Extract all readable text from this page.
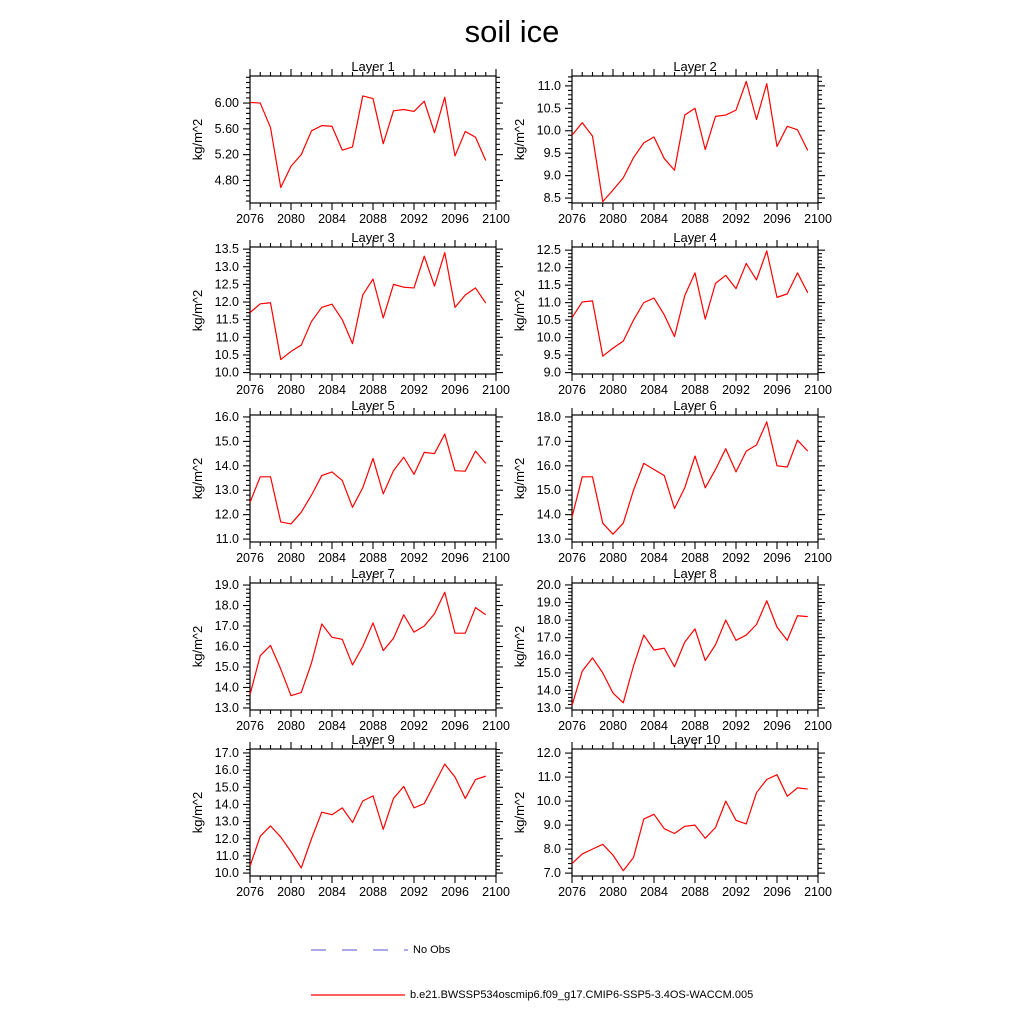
soil ice
Layer 1
2076 2080 2084 2088 2092 2096 2100
4.80
5.20
5.60
6.00
kg/m^2
Layer 2
2076 2080 2084 2088 2092 2096 2100
8.5
9.0
9.5
10.0
10.5
11.0
kg/m^2
Layer 3
2076 2080 2084 2088 2092 2096 2100
10.0
10.5
11.0
11.5
12.0
12.5
13.0
13.5
kg/m^2
Layer 4
2076 2080 2084 2088 2092 2096 2100
9.0
9.5
10.0
10.5
11.0
11.5
12.0
12.5
kg/m^2
Layer 5
2076 2080 2084 2088 2092 2096 2100
11.0
12.0
13.0
14.0
15.0
16.0
kg/m^2
Layer 6
2076 2080 2084 2088 2092 2096 2100
13.0
14.0
15.0
16.0
17.0
18.0
kg/m^2
Layer 7
2076 2080 2084 2088 2092 2096 2100
13.0
14.0
15.0
16.0
17.0
18.0
19.0
kg/m^2
Layer 8
2076 2080 2084 2088 2092 2096 2100
13.0
14.0
15.0
16.0
17.0
18.0
19.0
20.0
kg/m^2
Layer 9
2076 2080 2084 2088 2092 2096 2100
10.0
11.0
12.0
13.0
14.0
15.0
16.0
17.0
kg/m^2
Layer 10
2076 2080 2084 2088 2092 2096 2100
7.0
8.0
9.0
10.0
11.0
12.0
kg/m^2
No Obs
b.e21.BWSSP534oscmip6.f09_g17.CMIP6-SSP5-3.4OS-WACCM.005
